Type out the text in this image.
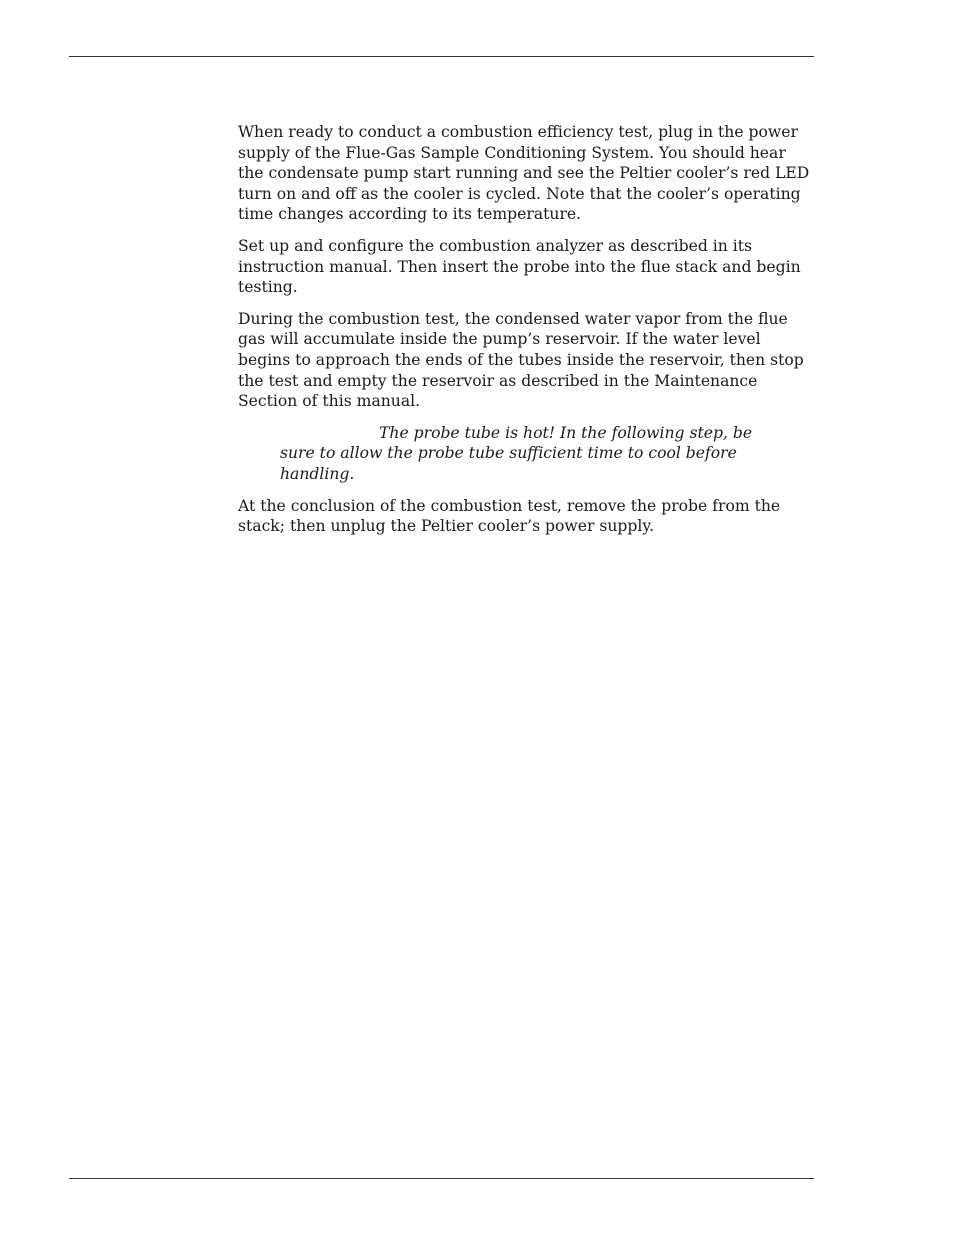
When ready to conduct a combustion efficiency test, plug in the power supply of the Flue-Gas Sample Conditioning System. You should hear the condensate pump start running and see the Peltier cooler’s red LED turn on and off as the cooler is cycled. Note that the cooler’s operating time changes according to its temperature.

Set up and configure the combustion analyzer as described in its instruction manual. Then insert the probe into the flue stack and begin testing.

During the combustion test, the condensed water vapor from the flue gas will accumulate inside the pump’s reservoir. If the water level begins to approach the ends of the tubes inside the reservoir, then stop the test and empty the reservoir as described in the Maintenance Section of this manual.

The probe tube is hot! In the following step, be sure to allow the probe tube sufficient time to cool before handling.

At the conclusion of the combustion test, remove the probe from the stack; then unplug the Peltier cooler’s power supply.
